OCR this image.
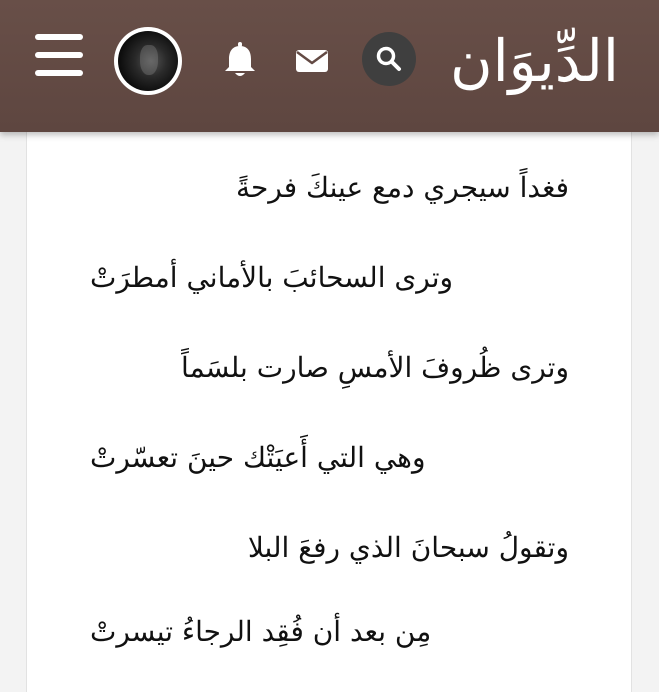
الدِّيوَان
فغداً سيجري دمع عينكَ فرحةً
وترى السحائبَ بالأماني أمطرَتْ
وترى ظُروفَ الأمسِ صارت بلسَماً
وهي التي أَعيَتْك حينَ تعسّرتْ
وتقولُ سبحانَ الذي رفعَ البلا
مِن بعد أن فُقِد الرجاءُ تيسرتْ
